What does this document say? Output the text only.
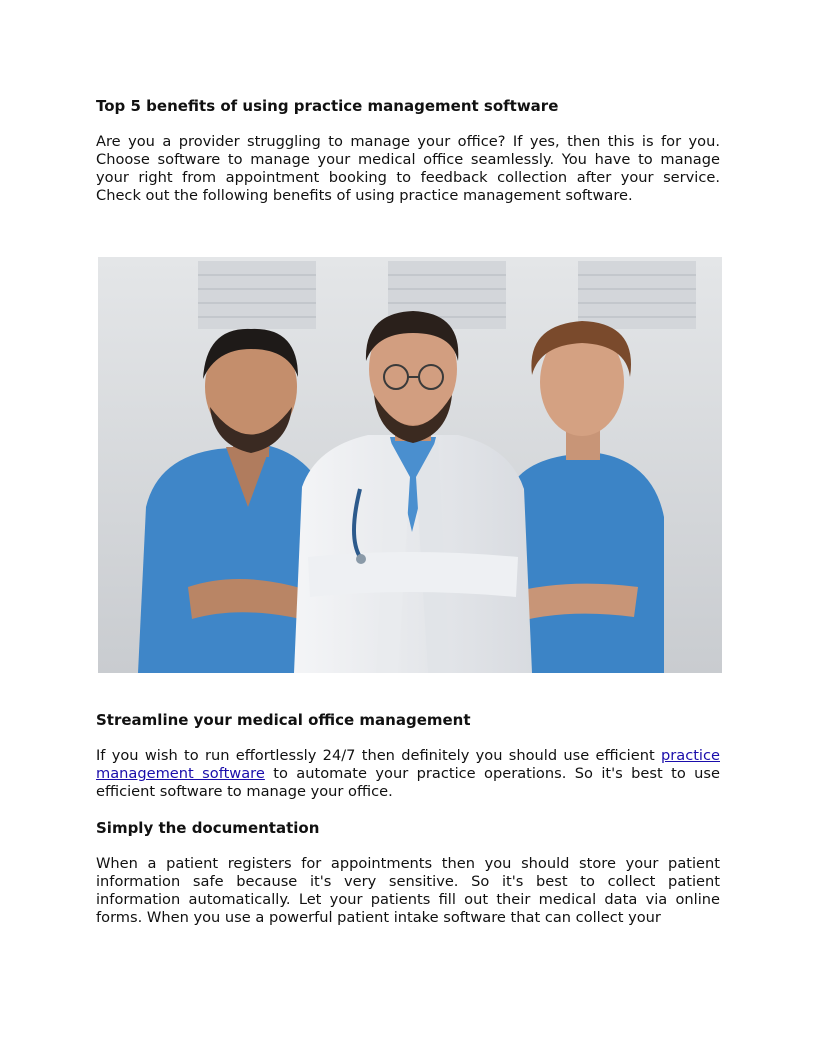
Top 5 benefits of using practice management software

Are you a provider struggling to manage your office? If yes, then this is for you. Choose software to manage your medical office seamlessly. You have to manage your right from appointment booking to feedback collection after your service. Check out the following benefits of using practice management software.

Streamline your medical office management

If you wish to run effortlessly 24/7 then definitely you should use efficient practice management software to automate your practice operations. So it's best to use efficient software to manage your office.

Simply the documentation

When a patient registers for appointments then you should store your patient information safe because it's very sensitive. So it's best to collect patient information automatically. Let your patients fill out their medical data via online forms. When you use a powerful patient intake software that can collect your
